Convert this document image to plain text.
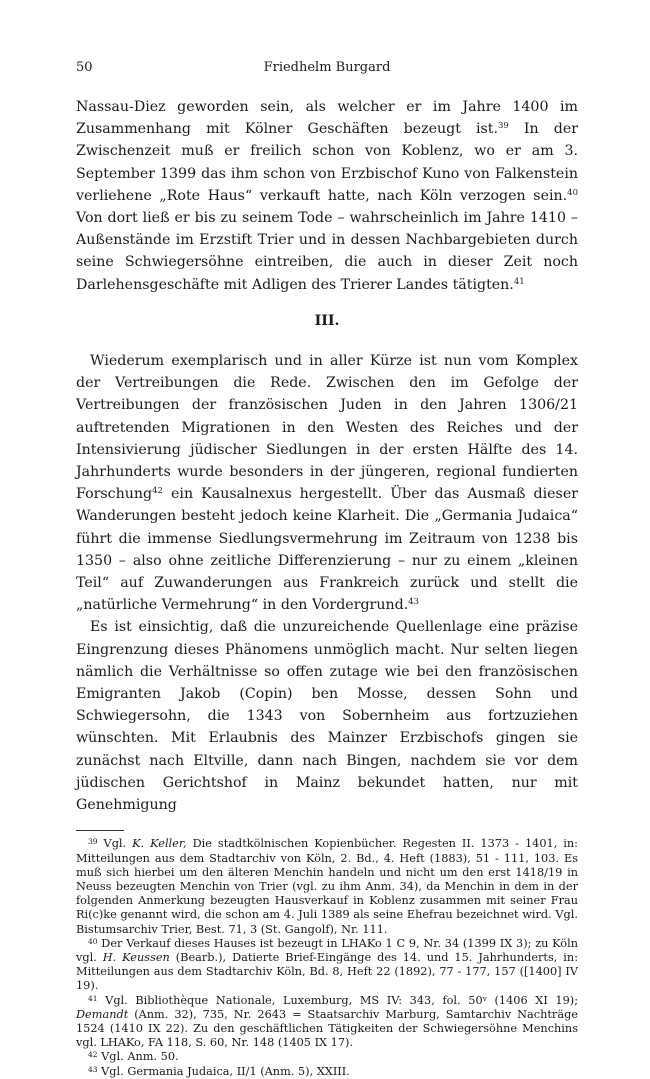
50	Friedhelm Burgard

Nassau-Diez geworden sein, als welcher er im Jahre 1400 im Zusammenhang mit Kölner Geschäften bezeugt ist.$^{39}$ In der Zwischenzeit muß er freilich schon von Koblenz, wo er am 3. September 1399 das ihm schon von Erzbischof Kuno von Falkenstein verliehene „Rote Haus“ verkauft hatte, nach Köln verzogen sein.$^{40}$ Von dort ließ er bis zu seinem Tode – wahrscheinlich im Jahre 1410 – Außenstände im Erzstift Trier und in dessen Nachbargebieten durch seine Schwiegersöhne eintreiben, die auch in dieser Zeit noch Darlehensgeschäfte mit Adligen des Trierer Landes tätigten.$^{41}$

III.

Wiederum exemplarisch und in aller Kürze ist nun vom Komplex der Vertreibungen die Rede. Zwischen den im Gefolge der Vertreibungen der französischen Juden in den Jahren 1306/21 auftretenden Migrationen in den Westen des Reiches und der Intensivierung jüdischer Siedlungen in der ersten Hälfte des 14. Jahrhunderts wurde besonders in der jüngeren, regional fundierten Forschung$^{42}$ ein Kausalnexus hergestellt. Über das Ausmaß dieser Wanderungen besteht jedoch keine Klarheit. Die „Germania Judaica“ führt die immense Siedlungsvermehrung im Zeitraum von 1238 bis 1350 – also ohne zeitliche Differenzierung – nur zu einem „kleinen Teil“ auf Zuwanderungen aus Frankreich zurück und stellt die „natürliche Vermehrung“ in den Vordergrund.$^{43}$

Es ist einsichtig, daß die unzureichende Quellenlage eine präzise Eingrenzung dieses Phänomens unmöglich macht. Nur selten liegen nämlich die Verhältnisse so offen zutage wie bei den französischen Emigranten Jakob (Copin) ben Mosse, dessen Sohn und Schwiegersohn, die 1343 von Sobernheim aus fortzuziehen wünschten. Mit Erlaubnis des Mainzer Erzbischofs gingen sie zunächst nach Eltville, dann nach Bingen, nachdem sie vor dem jüdischen Gerichtshof in Mainz bekundet hatten, nur mit Genehmigung

$^{39}$ Vgl. K. Keller, Die stadtkölnischen Kopienbücher. Regesten II. 1373 - 1401, in: Mitteilungen aus dem Stadtarchiv von Köln, 2. Bd., 4. Heft (1883), 51 - 111, 103. Es muß sich hierbei um den älteren Menchin handeln und nicht um den erst 1418/19 in Neuss bezeugten Menchin von Trier (vgl. zu ihm Anm. 34), da Menchin in dem in der folgenden Anmerkung bezeugten Hausverkauf in Koblenz zusammen mit seiner Frau Ri(c)ke genannt wird, die schon am 4. Juli 1389 als seine Ehefrau bezeichnet wird. Vgl. Bistumsarchiv Trier, Best. 71, 3 (St. Gangolf), Nr. 111.

$^{40}$ Der Verkauf dieses Hauses ist bezeugt in LHAKo 1 C 9, Nr. 34 (1399 IX 3); zu Köln vgl. H. Keussen (Bearb.), Datierte Brief-Eingänge des 14. und 15. Jahrhunderts, in: Mitteilungen aus dem Stadtarchiv Köln, Bd. 8, Heft 22 (1892), 77 - 177, 157 ([1400] IV 19).

$^{41}$ Vgl. Bibliothèque Nationale, Luxemburg, MS IV: 343, fol. 50$^v$ (1406 XI 19); Demandt (Anm. 32), 735, Nr. 2643 = Staatsarchiv Marburg, Samtarchiv Nachträge 1524 (1410 IX 22). Zu den geschäftlichen Tätigkeiten der Schwiegersöhne Menchins vgl. LHAKo, FA 118, S. 60, Nr. 148 (1405 IX 17).

$^{42}$ Vgl. Anm. 50.

$^{43}$ Vgl. Germania Judaica, II/1 (Anm. 5), XXIII.
